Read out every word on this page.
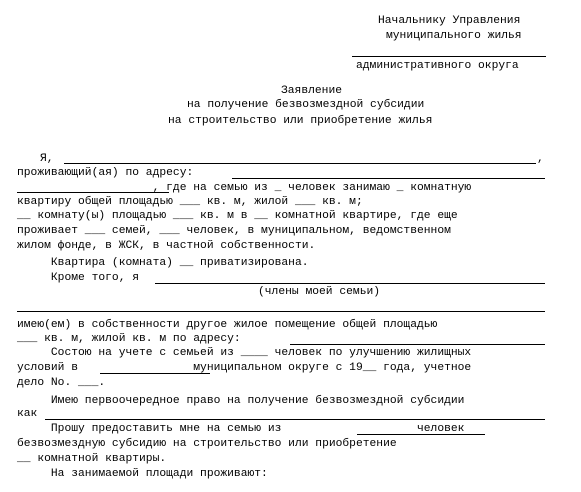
Начальнику Управления
муниципального жилья
административного округа
Заявление
на получение безвозмездной субсидии
на строительство или приобретение жилья
Я,	,
проживающий(ая) по адресу:
, где на семью из _ человек занимаю _ комнатную
квартиру общей площадью ___ кв. м, жилой ___ кв. м;
__ комнату(ы) площадью ___ кв. м в __ комнатной квартире, где еще
проживает ___ семей, ___ человек, в муниципальном, ведомственном
жилом фонде, в ЖСК, в частной собственности.
Квартира (комната) __ приватизирована.
Кроме того, я
(члены моей семьи)
имею(ем) в собственности другое жилое помещение общей площадью
___ кв. м, жилой кв. м по адресу:
Состою на учете с семьей из ____ человек по улучшению жилищных
условий в                 муниципальном округе с 19__ года, учетное
дело No. ___.
Имею первоочередное право на получение безвозмездной субсидии
как
Прошу предоставить мне на семью из                    человек
безвозмездную субсидию на строительство или приобретение
__ комнатной квартиры.
На занимаемой площади проживают:
